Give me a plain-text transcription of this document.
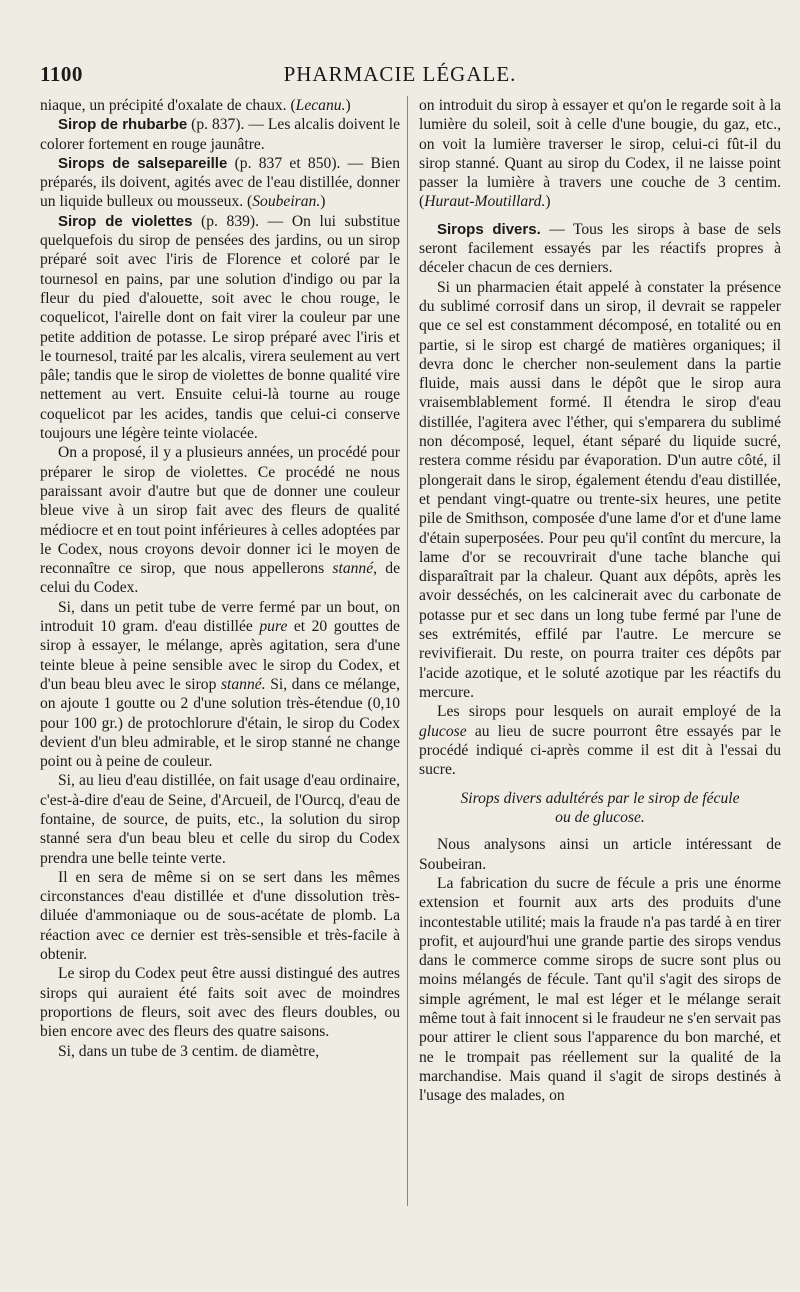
1100	PHARMACIE LÉGALE.

niaque, un précipité d'oxalate de chaux. (Lecanu.)

Sirop de rhubarbe (p. 837). — Les alcalis doivent le colorer fortement en rouge jaunâtre.

Sirops de salsepareille (p. 837 et 850). — Bien préparés, ils doivent, agités avec de l'eau distillée, donner un liquide bulleux ou mousseux. (Soubeiran.)

Sirop de violettes (p. 839). — On lui substitue quelquefois du sirop de pensées des jardins, ou un sirop préparé soit avec l'iris de Florence et coloré par le tournesol en pains, par une solution d'indigo ou par la fleur du pied d'alouette, soit avec le chou rouge, le coquelicot, l'airelle dont on fait virer la couleur par une petite addition de potasse. Le sirop préparé avec l'iris et le tournesol, traité par les alcalis, virera seulement au vert pâle; tandis que le sirop de violettes de bonne qualité vire nettement au vert. Ensuite celui-là tourne au rouge coquelicot par les acides, tandis que celui-ci conserve toujours une légère teinte violacée.

On a proposé, il y a plusieurs années, un procédé pour préparer le sirop de violettes. Ce procédé ne nous paraissant avoir d'autre but que de donner une couleur bleue vive à un sirop fait avec des fleurs de qualité médiocre et en tout point inférieures à celles adoptées par le Codex, nous croyons devoir donner ici le moyen de reconnaître ce sirop, que nous appellerons stanné, de celui du Codex.

Si, dans un petit tube de verre fermé par un bout, on introduit 10 gram. d'eau distillée pure et 20 gouttes de sirop à essayer, le mélange, après agitation, sera d'une teinte bleue à peine sensible avec le sirop du Codex, et d'un beau bleu avec le sirop stanné. Si, dans ce mélange, on ajoute 1 goutte ou 2 d'une solution très-étendue (0,10 pour 100 gr.) de protochlorure d'étain, le sirop du Codex devient d'un bleu admirable, et le sirop stanné ne change point ou à peine de couleur.

Si, au lieu d'eau distillée, on fait usage d'eau ordinaire, c'est-à-dire d'eau de Seine, d'Arcueil, de l'Ourcq, d'eau de fontaine, de source, de puits, etc., la solution du sirop stanné sera d'un beau bleu et celle du sirop du Codex prendra une belle teinte verte.

Il en sera de même si on se sert dans les mêmes circonstances d'eau distillée et d'une dissolution très-diluée d'ammoniaque ou de sous-acétate de plomb. La réaction avec ce dernier est très-sensible et très-facile à obtenir.

Le sirop du Codex peut être aussi distingué des autres sirops qui auraient été faits soit avec de moindres proportions de fleurs, soit avec des fleurs doubles, ou bien encore avec des fleurs des quatre saisons.

Si, dans un tube de 3 centim. de diamètre,

on introduit du sirop à essayer et qu'on le regarde soit à la lumière du soleil, soit à celle d'une bougie, du gaz, etc., on voit la lumière traverser le sirop, celui-ci fût-il du sirop stanné. Quant au sirop du Codex, il ne laisse point passer la lumière à travers une couche de 3 centim. (Huraut-Moutillard.)

Sirops divers. — Tous les sirops à base de sels seront facilement essayés par les réactifs propres à déceler chacun de ces derniers.

Si un pharmacien était appelé à constater la présence du sublimé corrosif dans un sirop, il devrait se rappeler que ce sel est constamment décomposé, en totalité ou en partie, si le sirop est chargé de matières organiques; il devra donc le chercher non-seulement dans la partie fluide, mais aussi dans le dépôt que le sirop aura vraisemblablement formé. Il étendra le sirop d'eau distillée, l'agitera avec l'éther, qui s'emparera du sublimé non décomposé, lequel, étant séparé du liquide sucré, restera comme résidu par évaporation. D'un autre côté, il plongerait dans le sirop, également étendu d'eau distillée, et pendant vingt-quatre ou trente-six heures, une petite pile de Smithson, composée d'une lame d'or et d'une lame d'étain superposées. Pour peu qu'il contînt du mercure, la lame d'or se recouvrirait d'une tache blanche qui disparaîtrait par la chaleur. Quant aux dépôts, après les avoir desséchés, on les calcinerait avec du carbonate de potasse pur et sec dans un long tube fermé par l'une de ses extrémités, effilé par l'autre. Le mercure se revivifierait. Du reste, on pourra traiter ces dépôts par l'acide azotique, et le soluté azotique par les réactifs du mercure.

Les sirops pour lesquels on aurait employé de la glucose au lieu de sucre pourront être essayés par le procédé indiqué ci-après comme il est dit à l'essai du sucre.

Sirops divers adultérés par le sirop de fécule
ou de glucose.

Nous analysons ainsi un article intéressant de Soubeiran.

La fabrication du sucre de fécule a pris une énorme extension et fournit aux arts des produits d'une incontestable utilité; mais la fraude n'a pas tardé à en tirer profit, et aujourd'hui une grande partie des sirops vendus dans le commerce comme sirops de sucre sont plus ou moins mélangés de fécule. Tant qu'il s'agit des sirops de simple agrément, le mal est léger et le mélange serait même tout à fait innocent si le fraudeur ne s'en servait pas pour attirer le client sous l'apparence du bon marché, et ne le trompait pas réellement sur la qualité de la marchandise. Mais quand il s'agit de sirops destinés à l'usage des malades, on
